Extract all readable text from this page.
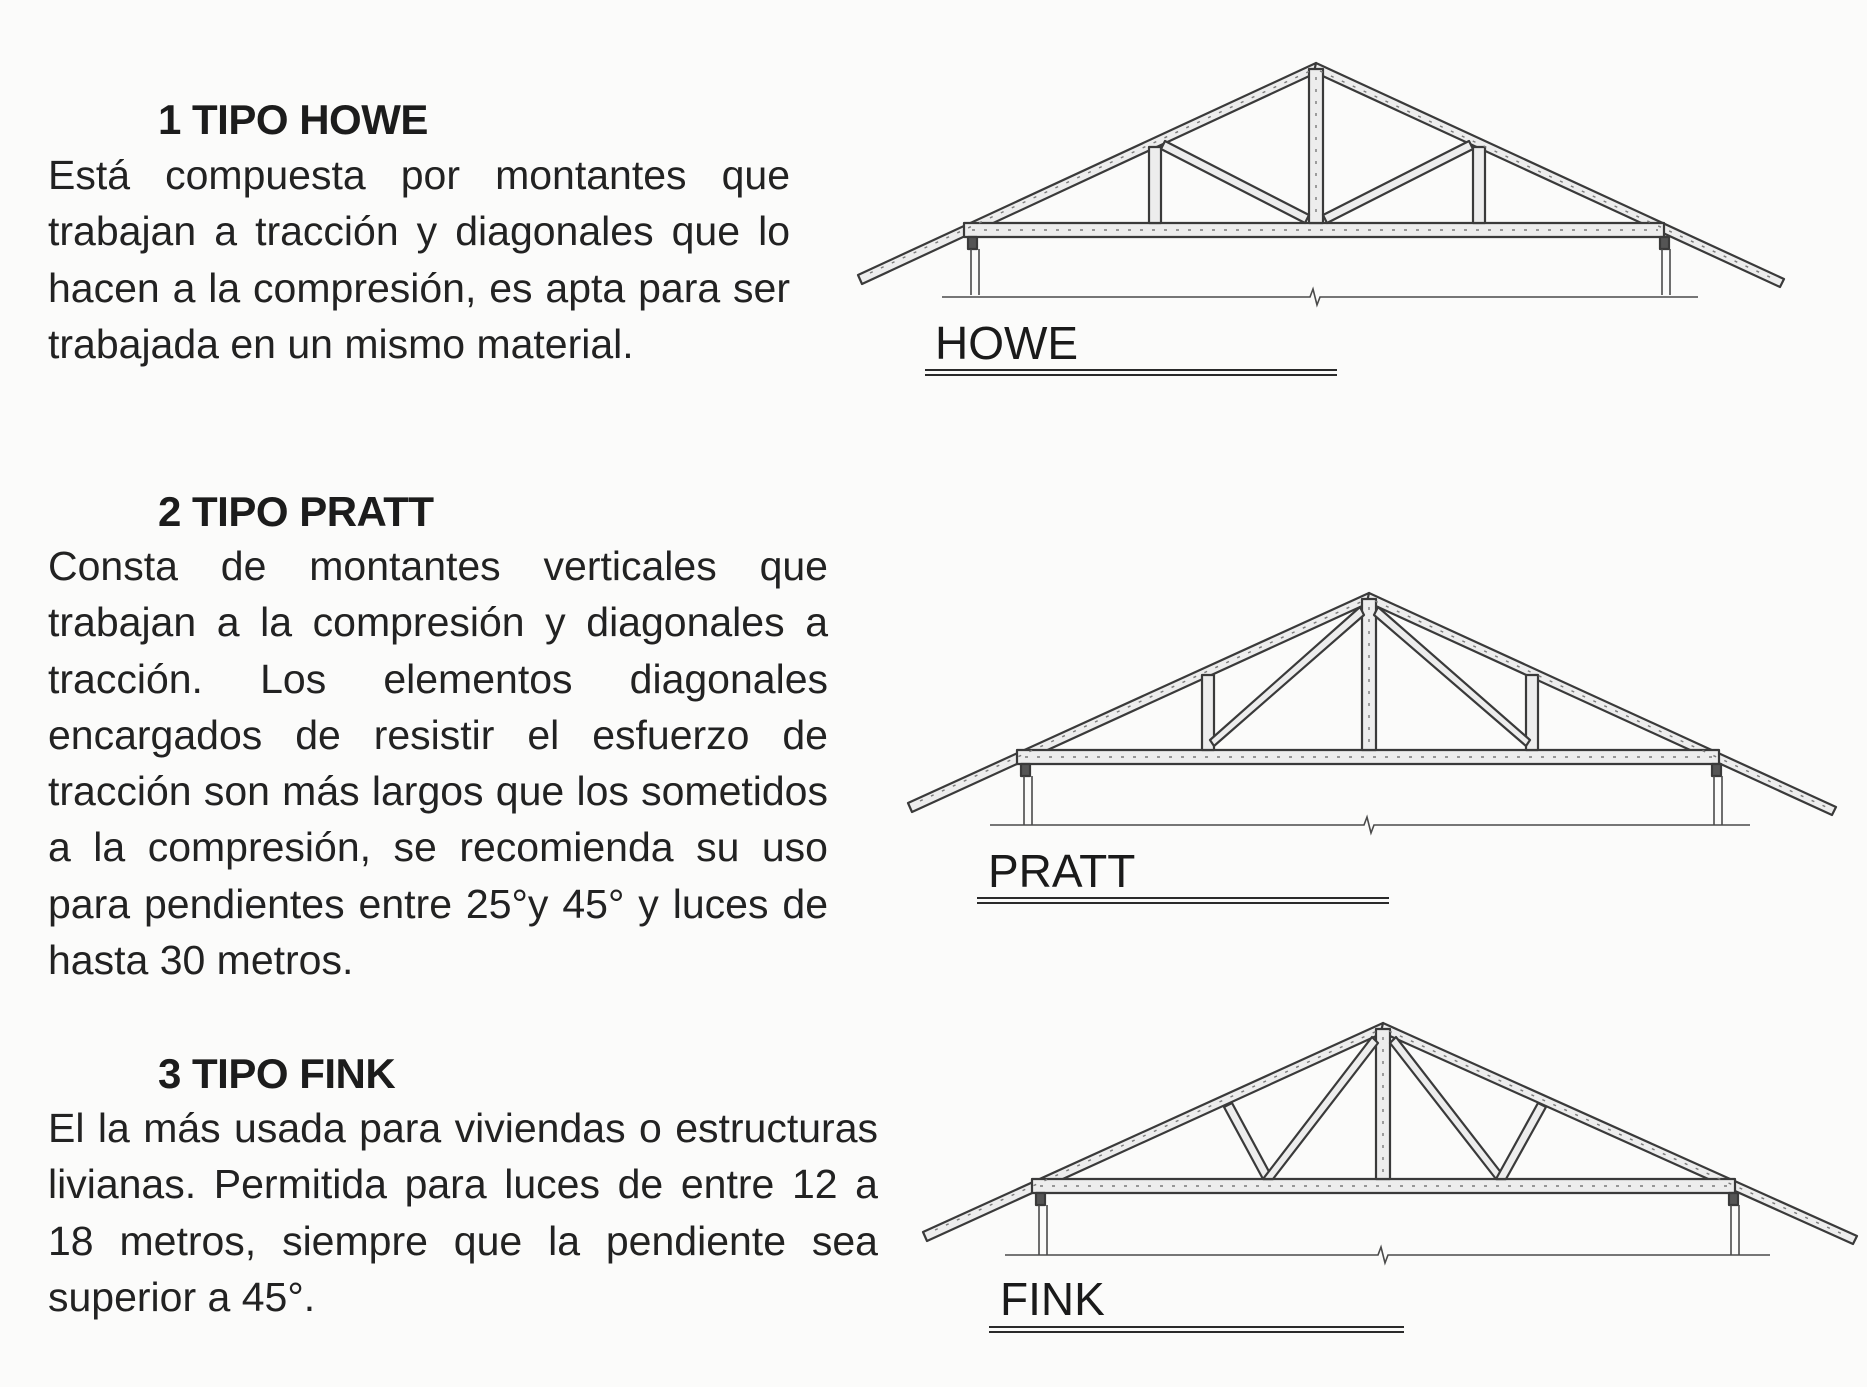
1 TIPO HOWE

Está compuesta por montantes que trabajan a tracción y diagonales que lo hacen a la compresión, es apta para ser trabajada en un mismo material.	HOWE
2 TIPO PRATT

Consta de montantes verticales que trabajan a la compresión y diagonales a tracción. Los elementos diagonales encargados de resistir el esfuerzo de tracción son más largos que los sometidos a la compresión, se recomienda su uso para pendientes entre 25°y 45° y luces de hasta 30 metros.

PRATT
3 TIPO FINK

El la más usada para viviendas o estructuras livianas. Permitida para luces de entre 12 a 18 metros, siempre que la pendiente sea superior a 45°.	FINK
